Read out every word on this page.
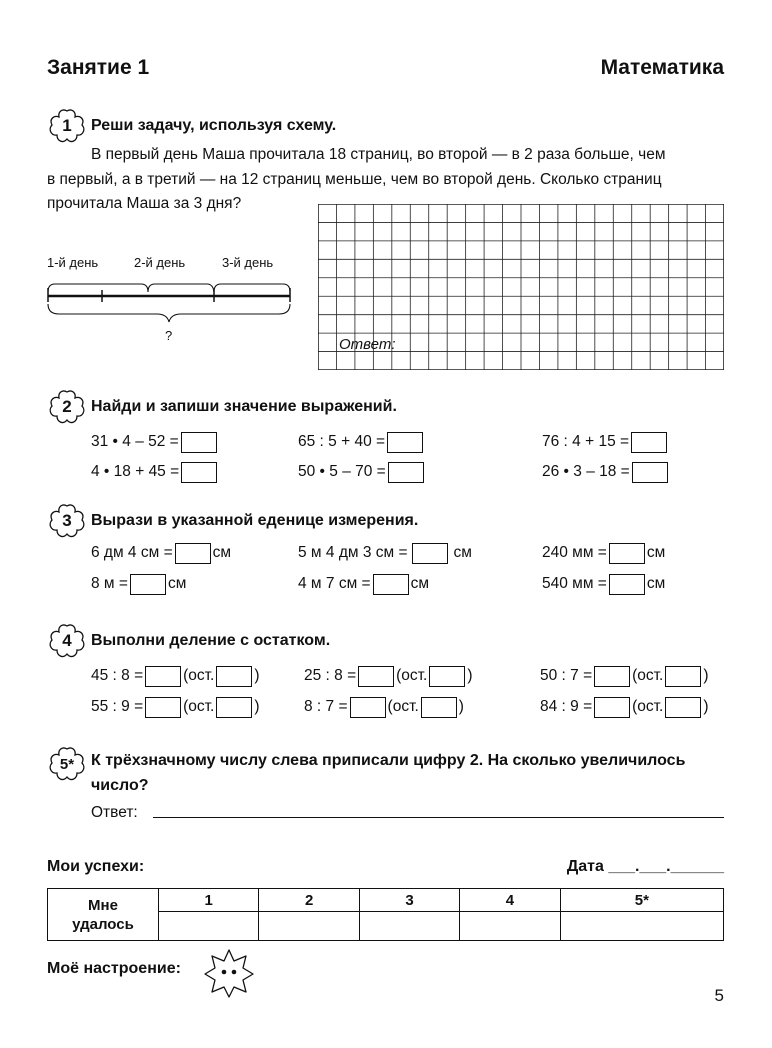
Занятие 1	Математика
1	Реши задачу, используя схему.
В первый день Маша прочитала 18 страниц, во второй — в 2 раза больше, чем
в первый, а в третий — на 12 страниц меньше, чем во второй день. Сколько страниц
прочитала Маша за 3 дня?
1-й день	2-й день	3-й день
?
Ответ:
2	Найди и запиши значение выражений.
31 • 4 – 52 =	65 : 5 + 40 =	76 : 4 + 15 =
4 • 18 + 45 =	50 • 5 – 70 =	26 • 3 – 18 =
3	Вырази в указанной еденице измерения.
6 дм 4 см =	см	5 м 4 дм 3 см =	см	240 мм =	см
8 м =	см	4 м 7 см =	см	540 мм =	см
4	Выполни деление с остатком.
45 : 8 =	(ост.	)	25 : 8 =	(ост.	)	50 : 7 =	(ост.	)
55 : 9 =	(ост.	)	8 : 7 =	(ост.	)	84 : 9 =	(ост.	)
5*	К трёхзначному числу слева приписали цифру 2. На сколько увеличилось
число?
Ответ:
Мои успехи:	Дата ___.___.______
Мне
удалось	1	2	3	4	5*

Моё настроение:
5
